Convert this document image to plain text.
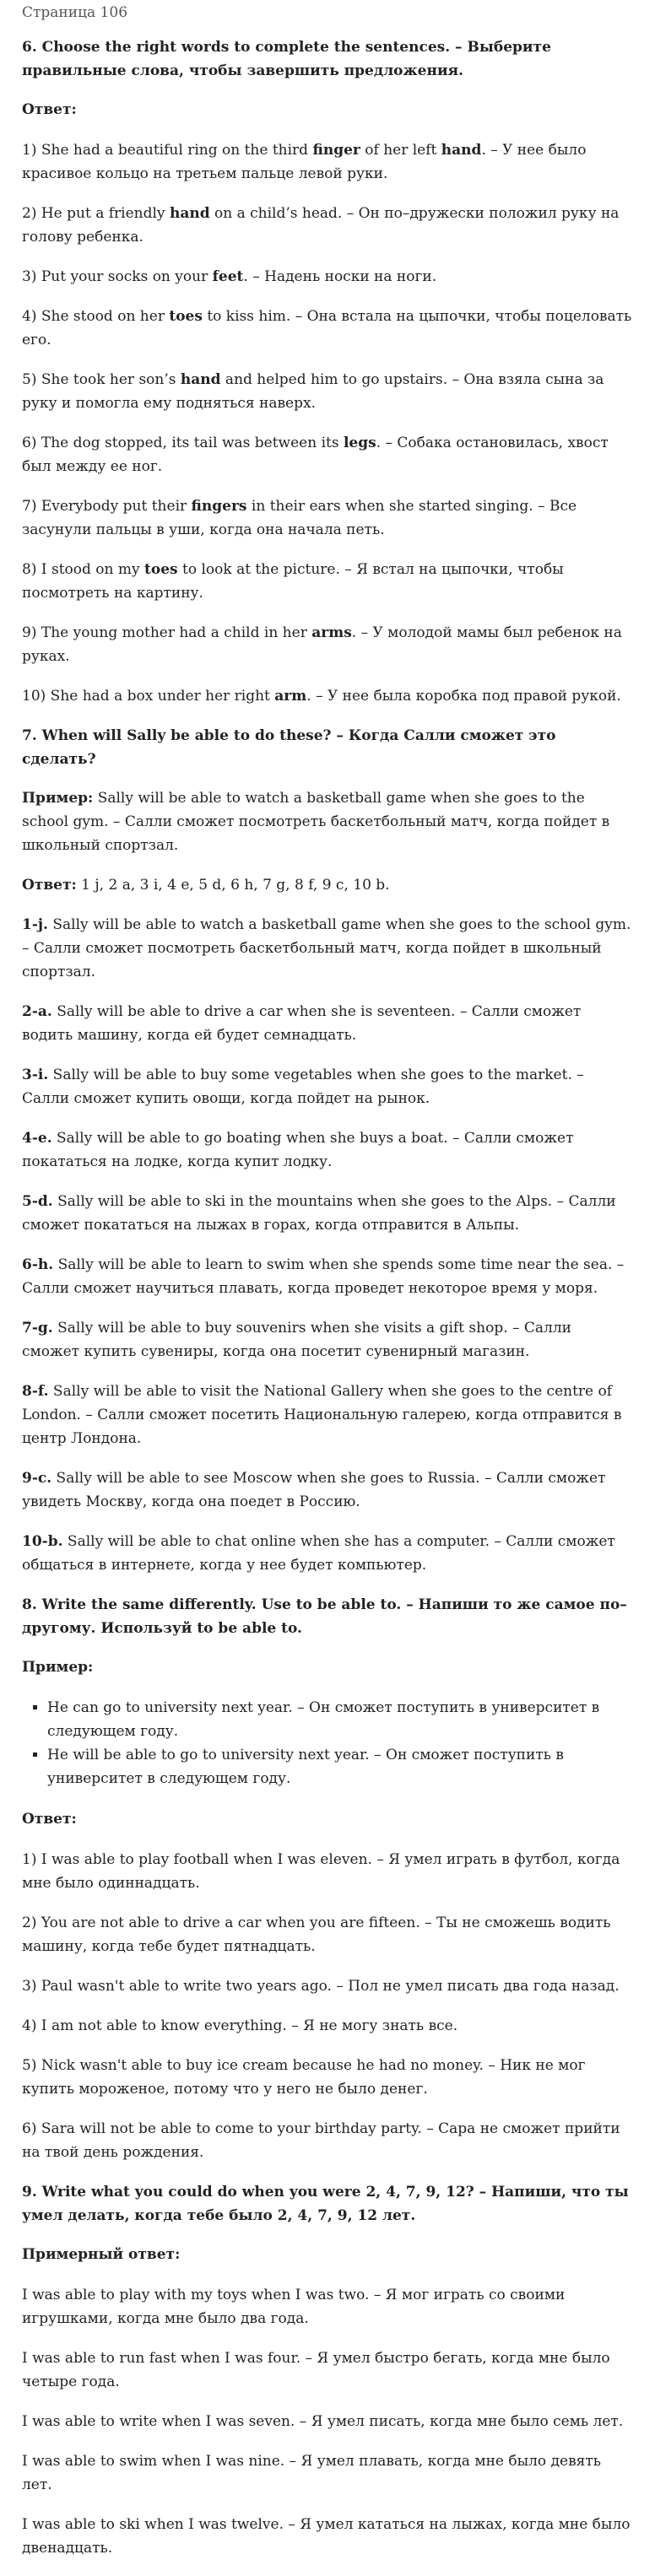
Страница 106
6. Choose the right words to complete the sentences. – Выберите правильные слова, чтобы завершить предложения.
Ответ:

1) She had a beautiful ring on the third finger of her left hand. – У нее было красивое кольцо на третьем пальце левой руки.

2) He put a friendly hand on a child’s head. – Он по–дружески положил руку на голову ребенка.

3) Put your socks on your feet. – Надень носки на ноги.

4) She stood on her toes to kiss him. – Она встала на цыпочки, чтобы поцеловать его.

5) She took her son’s hand and helped him to go upstairs. – Она взяла сына за руку и помогла ему подняться наверх.

6) The dog stopped, its tail was between its legs. – Собака остановилась, хвост был между ее ног.

7) Everybody put their fingers in their ears when she started singing. – Все засунули пальцы в уши, когда она начала петь.

8) I stood on my toes to look at the picture. – Я встал на цыпочки, чтобы посмотреть на картину.

9) The young mother had a child in her arms. – У молодой мамы был ребенок на руках.

10) She had a box under her right arm. – У нее была коробка под правой рукой.

7. When will Sally be able to do these? – Когда Салли сможет это сделать?

Пример: Sally will be able to watch a basketball game when she goes to the school gym. – Салли сможет посмотреть баскетбольный матч, когда пойдет в школьный спортзал.

Ответ: 1 j, 2 a, 3 i, 4 e, 5 d, 6 h, 7 g, 8 f, 9 c, 10 b.

1-j. Sally will be able to watch a basketball game when she goes to the school gym. – Салли сможет посмотреть баскетбольный матч, когда пойдет в школьный спортзал.

2-a. Sally will be able to drive a car when she is seventeen. – Салли сможет водить машину, когда ей будет семнадцать.

3-i. Sally will be able to buy some vegetables when she goes to the market. – Салли сможет купить овощи, когда пойдет на рынок.

4-e. Sally will be able to go boating when she buys a boat. – Салли сможет покататься на лодке, когда купит лодку.

5-d. Sally will be able to ski in the mountains when she goes to the Alps. – Салли сможет покататься на лыжах в горах, когда отправится в Альпы.

6-h. Sally will be able to learn to swim when she spends some time near the sea. – Салли сможет научиться плавать, когда проведет некоторое время у моря.

7-g. Sally will be able to buy souvenirs when she visits a gift shop. – Салли сможет купить сувениры, когда она посетит сувенирный магазин.

8-f. Sally will be able to visit the National Gallery when she goes to the centre of London. – Салли сможет посетить Национальную галерею, когда отправится в центр Лондона.

9-c. Sally will be able to see Moscow when she goes to Russia. – Салли сможет увидеть Москву, когда она поедет в Россию.

10-b. Sally will be able to chat online when she has a computer. – Салли сможет общаться в интернете, когда у нее будет компьютер.

8. Write the same differently. Use to be able to. – Напиши то же самое по–другому. Используй to be able to.
Пример:
▪ He can go to university next year. – Он сможет поступить в университет в следующем году.
▪ He will be able to go to university next year. – Он сможет поступить в университет в следующем году.
Ответ:

1) I was able to play football when I was eleven. – Я умел играть в футбол, когда мне было одиннадцать.

2) You are not able to drive a car when you are fifteen. – Ты не сможешь водить машину, когда тебе будет пятнадцать.

3) Paul wasn't able to write two years ago. – Пол не умел писать два года назад.

4) I am not able to know everything. – Я не могу знать все.

5) Nick wasn't able to buy ice cream because he had no money. – Ник не мог купить мороженое, потому что у него не было денег.

6) Sara will not be able to come to your birthday party. – Сара не сможет прийти на твой день рождения.

9. Write what you could do when you were 2, 4, 7, 9, 12? – Напиши, что ты умел делать, когда тебе было 2, 4, 7, 9, 12 лет.
Примерный ответ:

I was able to play with my toys when I was two. – Я мог играть со своими игрушками, когда мне было два года.

I was able to run fast when I was four. – Я умел быстро бегать, когда мне было четыре года.

I was able to write when I was seven. – Я умел писать, когда мне было семь лет.

I was able to swim when I was nine. – Я умел плавать, когда мне было девять лет.

I was able to ski when I was twelve. – Я умел кататься на лыжах, когда мне было двенадцать.
